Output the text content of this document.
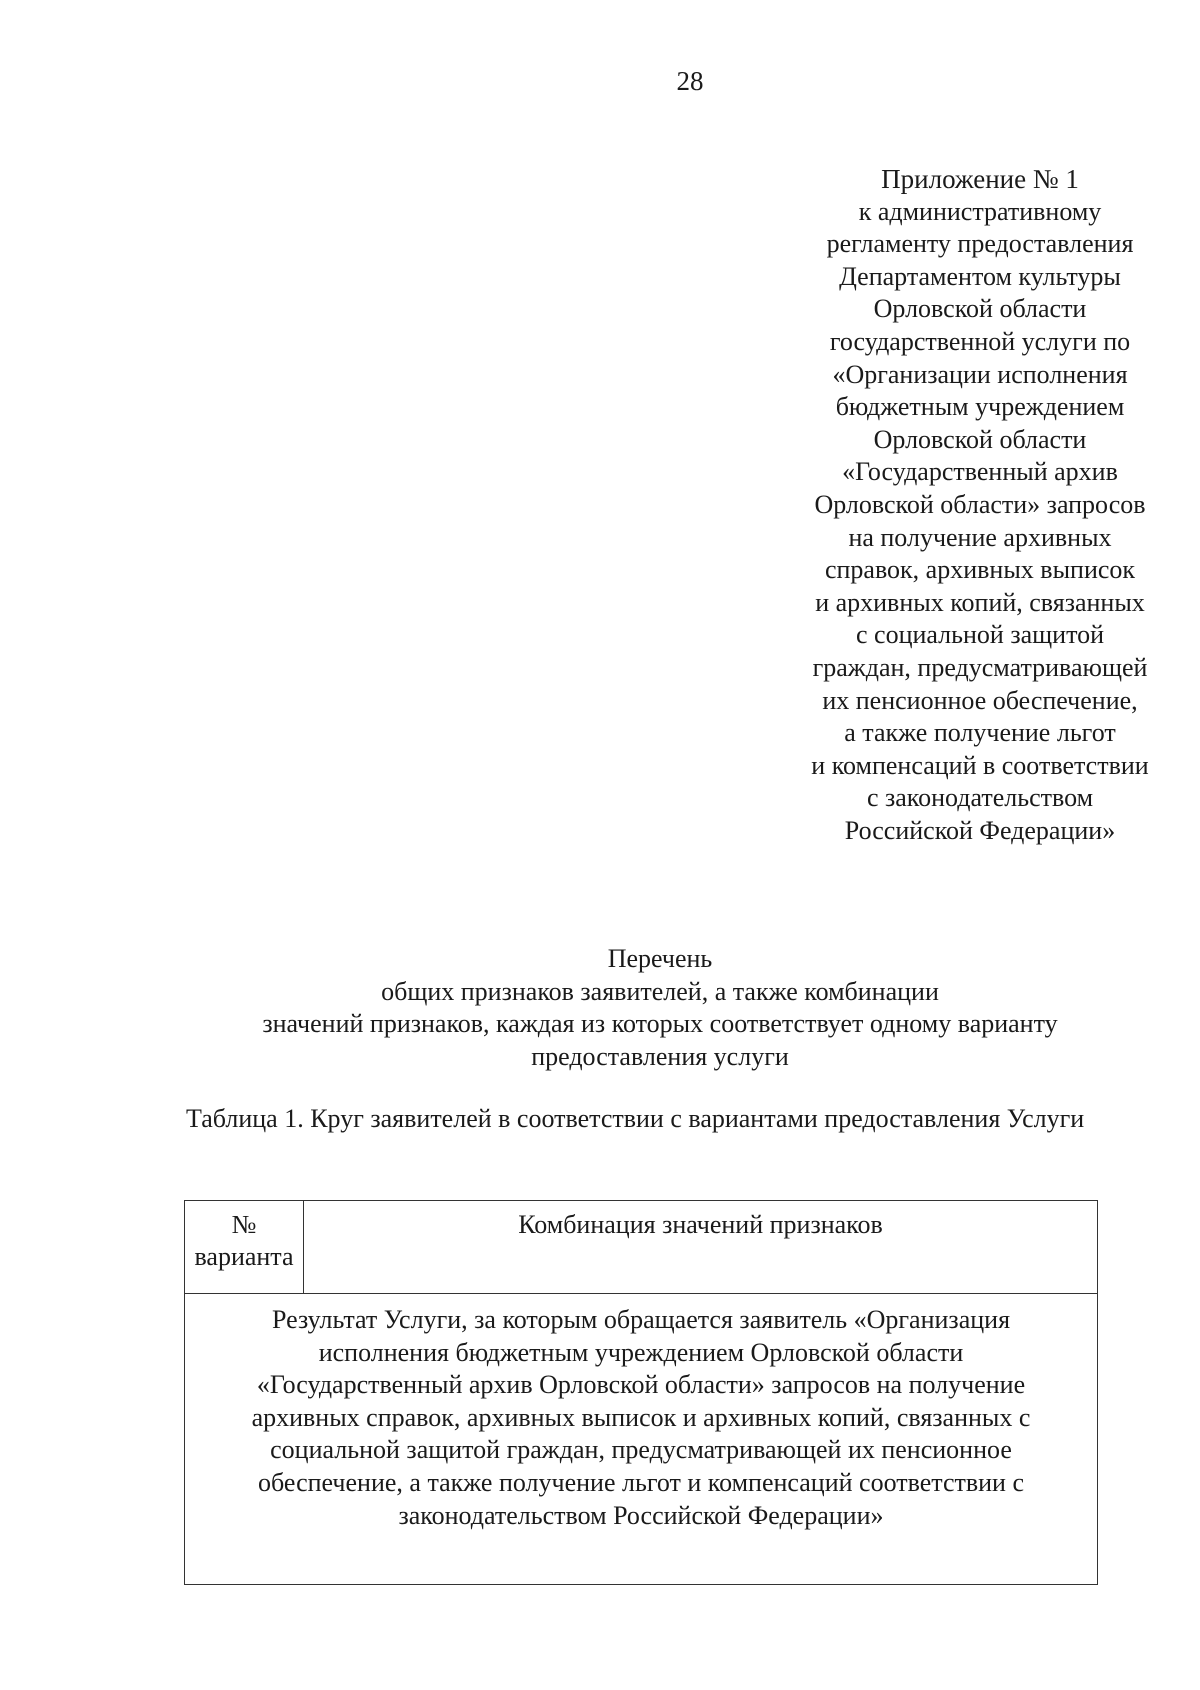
28
Приложение № 1
к административному
регламенту предоставления
Департаментом культуры
Орловской области
государственной услуги по
«Организации исполнения
бюджетным учреждением
Орловской области
«Государственный архив
Орловской области» запросов
на получение архивных
справок, архивных выписок
и архивных копий, связанных
с социальной защитой
граждан, предусматривающей
их пенсионное обеспечение,
а также получение льгот
и компенсаций в соответствии
с законодательством
Российской Федерации»
Перечень
общих признаков заявителей, а также комбинации
значений признаков, каждая из которых соответствует одному варианту
предоставления услуги
Таблица 1. Круг заявителей в соответствии с вариантами предоставления Услуги
№
варианта	Комбинация значений признаков

Результат Услуги, за которым обращается заявитель «Организация
исполнения бюджетным учреждением Орловской области
«Государственный архив Орловской области» запросов на получение
архивных справок, архивных выписок и архивных копий, связанных с
социальной защитой граждан, предусматривающей их пенсионное
обеспечение, а также получение льгот и компенсаций соответствии с
законодательством Российской Федерации»
